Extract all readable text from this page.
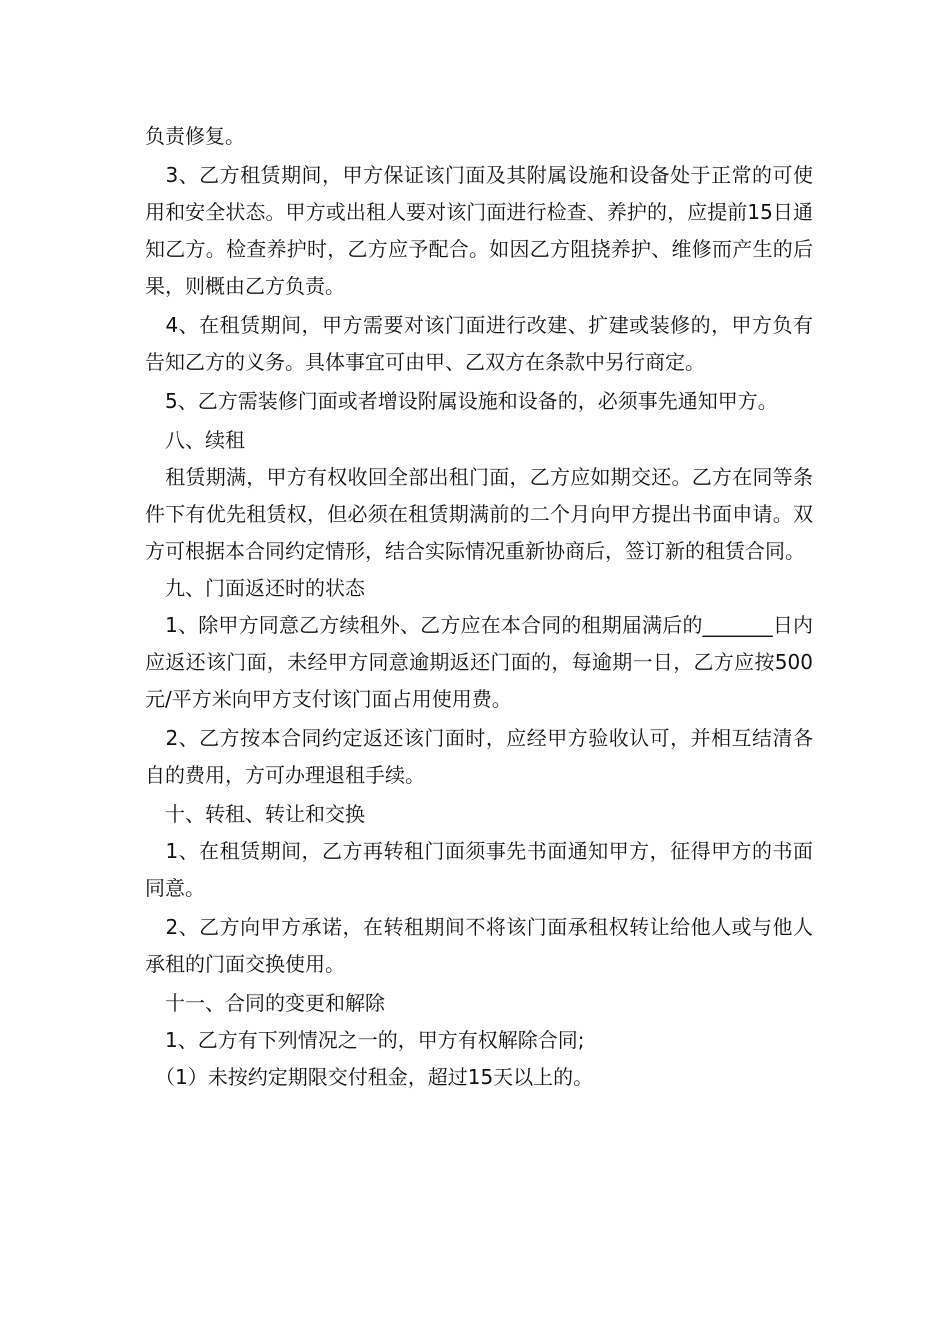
负责修复。

　3、乙方租赁期间，甲方保证该门面及其附属设施和设备处于正常的可使用和安全状态。甲方或出租人要对该门面进行检查、养护的，应提前15日通知乙方。检查养护时，乙方应予配合。如因乙方阻挠养护、维修而产生的后果，则概由乙方负责。

　4、在租赁期间，甲方需要对该门面进行改建、扩建或装修的，甲方负有告知乙方的义务。具体事宜可由甲、乙双方在条款中另行商定。

　5、乙方需装修门面或者增设附属设施和设备的，必须事先通知甲方。

　八、续租

　租赁期满，甲方有权收回全部出租门面，乙方应如期交还。乙方在同等条件下有优先租赁权，但必须在租赁期满前的二个月向甲方提出书面申请。双方可根据本合同约定情形，结合实际情况重新协商后，签订新的租赁合同。

　九、门面返还时的状态

　1、除甲方同意乙方续租外、乙方应在本合同的租期届满后的_______日内应返还该门面，未经甲方同意逾期返还门面的，每逾期一日，乙方应按500元/平方米向甲方支付该门面占用使用费。

　2、乙方按本合同约定返还该门面时，应经甲方验收认可，并相互结清各自的费用，方可办理退租手续。

　十、转租、转让和交换

　1、在租赁期间，乙方再转租门面须事先书面通知甲方，征得甲方的书面同意。

　2、乙方向甲方承诺，在转租期间不将该门面承租权转让给他人或与他人承租的门面交换使用。

　十一、合同的变更和解除

　1、乙方有下列情况之一的，甲方有权解除合同;

　（1）未按约定期限交付租金，超过15天以上的。
